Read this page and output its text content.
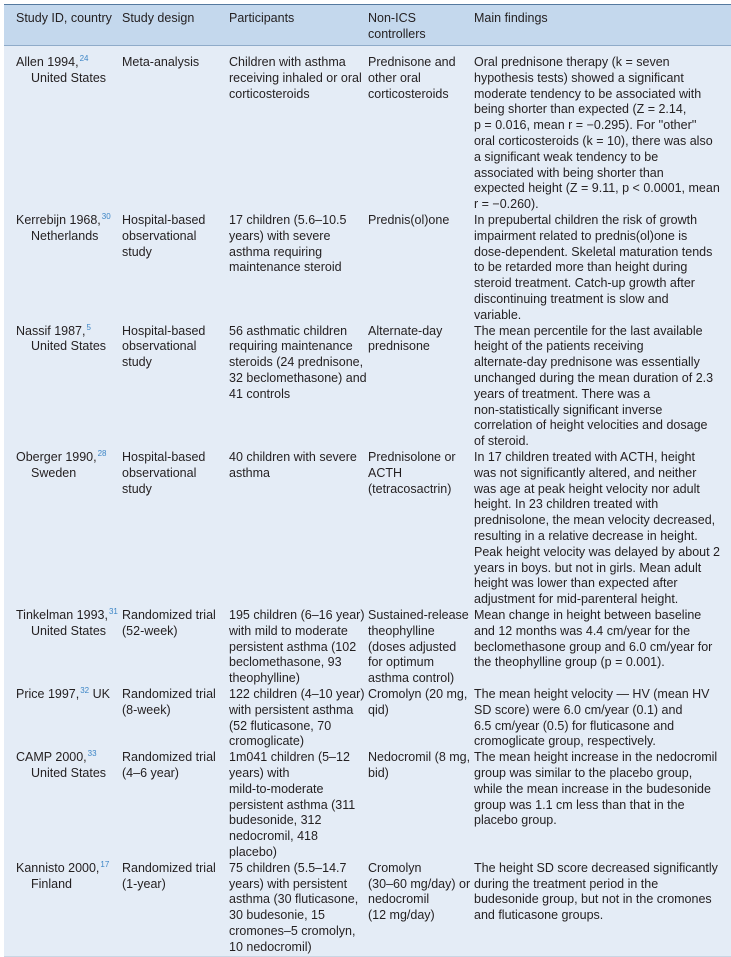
Study ID, country Study design	Participants	Non-ICS
controllers
Main findings
Allen 1994,24
United States
Meta-analysis Children with asthma
receiving inhaled or oral
corticosteroids
Prednisone and
other oral
corticosteroids
Oral prednisone therapy (k = seven
hypothesis tests) showed a significant
moderate tendency to be associated with
being shorter than expected (Z = 2.14,
p = 0.016, mean r = −0.295). For ''other''
oral corticosteroids (k = 10), there was also
a significant weak tendency to be
associated with being shorter than
expected height (Z = 9.11, p < 0.0001, mean
r = −0.260).
Kerrebijn 1968,30
Netherlands
Hospital-based
observational
study
17 children (5.6–10.5
years) with severe
asthma requiring
maintenance steroid
Prednis(ol)one In prepubertal children the risk of growth
impairment related to prednis(ol)one is
dose-dependent. Skeletal maturation tends
to be retarded more than height during
steroid treatment. Catch-up growth after
discontinuing treatment is slow and
variable.
Nassif 1987,$^5$
United States
Hospital-based
observational
study
56 asthmatic children
requiring maintenance
steroids (24 prednisone,
32 beclomethasone) and
41 controls
Alternate-day
prednisone
The mean percentile for the last available
height of the patients receiving
alternate-day prednisone was essentially
unchanged during the mean duration of 2.3
years of treatment. There was a
non-statistically significant inverse
correlation of height velocities and dosage
of steroid.
Oberger 1990,28
Sweden
Hospital-based
observational
study
40 children with severe
asthma
Prednisolone or
ACTH
(tetracosactrin)
In 17 children treated with ACTH, height
was not significantly altered, and neither
was age at peak height velocity nor adult
height. In 23 children treated with
prednisolone, the mean velocity decreased,
resulting in a relative decrease in height.
Peak height velocity was delayed by about 2
years in boys. but not in girls. Mean adult
height was lower than expected after
adjustment for mid-parenteral height.
Tinkelman 1993,31
United States
Randomized trial
(52-week)
195 children (6–16 year)
with mild to moderate
persistent asthma (102
beclomethasone, 93
theophylline)
Sustained-release
theophylline
(doses adjusted
for optimum
asthma control)
Mean change in height between baseline
and 12 months was 4.4 cm/year for the
beclomethasone group and 6.0 cm/year for
the theophylline group (p = 0.001).
Price 1997,32 UK Randomized trial
(8-week)
122 children (4–10 year)
with persistent asthma
(52 fluticasone, 70
cromoglicate)
Cromolyn (20 mg,
qid)
The mean height velocity — HV (mean HV
SD score) were 6.0 cm/year (0.1) and
6.5 cm/year (0.5) for fluticasone and
cromoglicate group, respectively.
CAMP 2000,33
United States
Randomized trial
(4–6 year)
1m041 children (5–12
years) with
mild-to-moderate
persistent asthma (311
budesonide, 312
nedocromil, 418
placebo)
Nedocromil (8 mg,
bid)
The mean height increase in the nedocromil
group was similar to the placebo group,
while the mean increase in the budesonide
group was 1.1 cm less than that in the
placebo group.
Kannisto 2000,17
Finland
Randomized trial
(1-year)
75 children (5.5–14.7
years) with persistent
asthma (30 fluticasone,
30 budesonie, 15
cromones–5 cromolyn,
10 nedocromil)
Cromolyn
(30–60 mg/day) or
nedocromil
(12 mg/day)
The height SD score decreased significantly
during the treatment period in the
budesonide group, but not in the cromones
and fluticasone groups.
